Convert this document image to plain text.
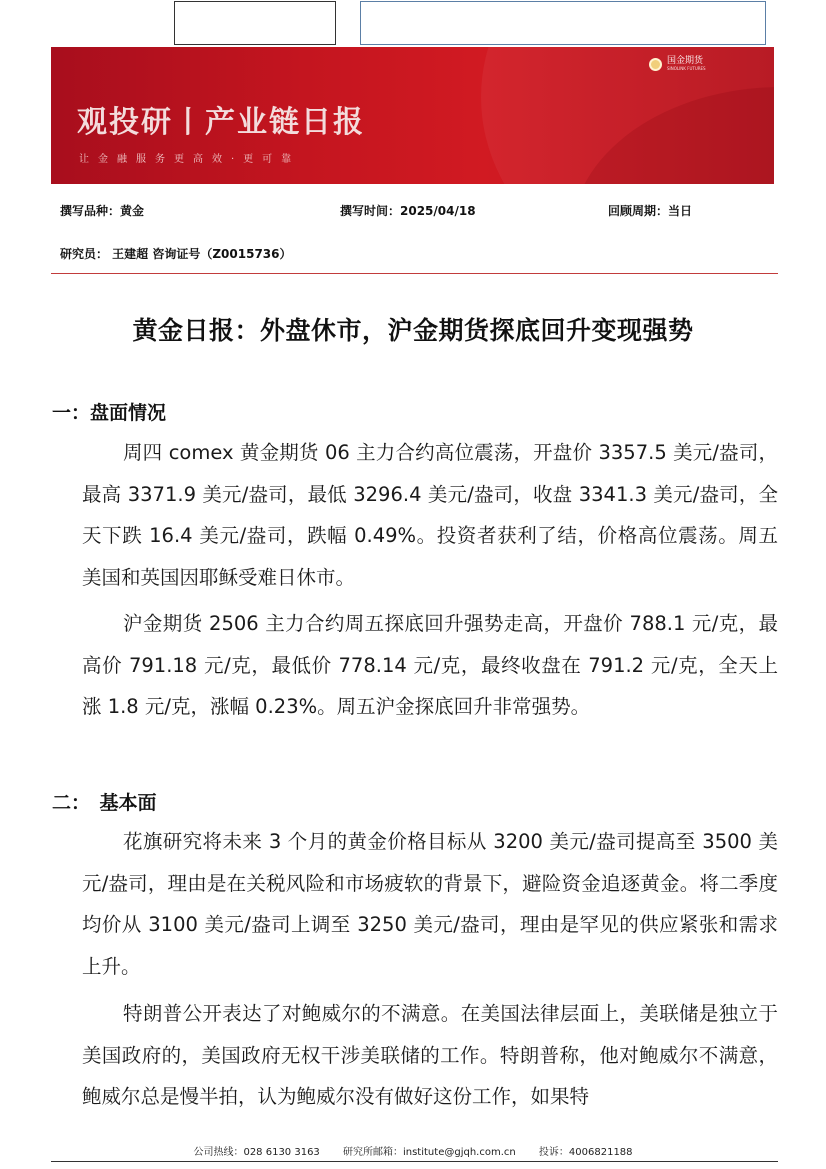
国金期货
SINOLINK FUTURES
观投研丨产业链日报
让金融服务更高效·更可靠
撰写品种：黄金	撰写时间：2025/04/18	回顾周期：当日
研究员： 王建超 咨询证号（Z0015736）
黄金日报：外盘休市，沪金期货探底回升变现强势
一：盘面情况
周四 comex 黄金期货 06 主力合约高位震荡，开盘价 3357.5 美元/盎司，最高 3371.9 美元/盎司，最低 3296.4 美元/盎司，收盘 3341.3 美元/盎司，全天下跌 16.4 美元/盎司，跌幅 0.49%。投资者获利了结，价格高位震荡。周五美国和英国因耶稣受难日休市。
沪金期货 2506 主力合约周五探底回升强势走高，开盘价 788.1 元/克，最高价 791.18 元/克，最低价 778.14 元/克，最终收盘在 791.2 元/克，全天上涨 1.8 元/克，涨幅 0.23%。周五沪金探底回升非常强势。
二：　基本面
花旗研究将未来 3 个月的黄金价格目标从 3200 美元/盎司提高至 3500 美元/盎司，理由是在关税风险和市场疲软的背景下，避险资金追逐黄金。将二季度均价从 3100 美元/盎司上调至 3250 美元/盎司，理由是罕见的供应紧张和需求上升。
特朗普公开表达了对鲍威尔的不满意。在美国法律层面上，美联储是独立于美国政府的，美国政府无权干涉美联储的工作。特朗普称，他对鲍威尔不满意，鲍威尔总是慢半拍，认为鲍威尔没有做好这份工作，如果特
公司热线：028 6130 3163 研究所邮箱：institute@gjqh.com.cn 投诉：4006821188
